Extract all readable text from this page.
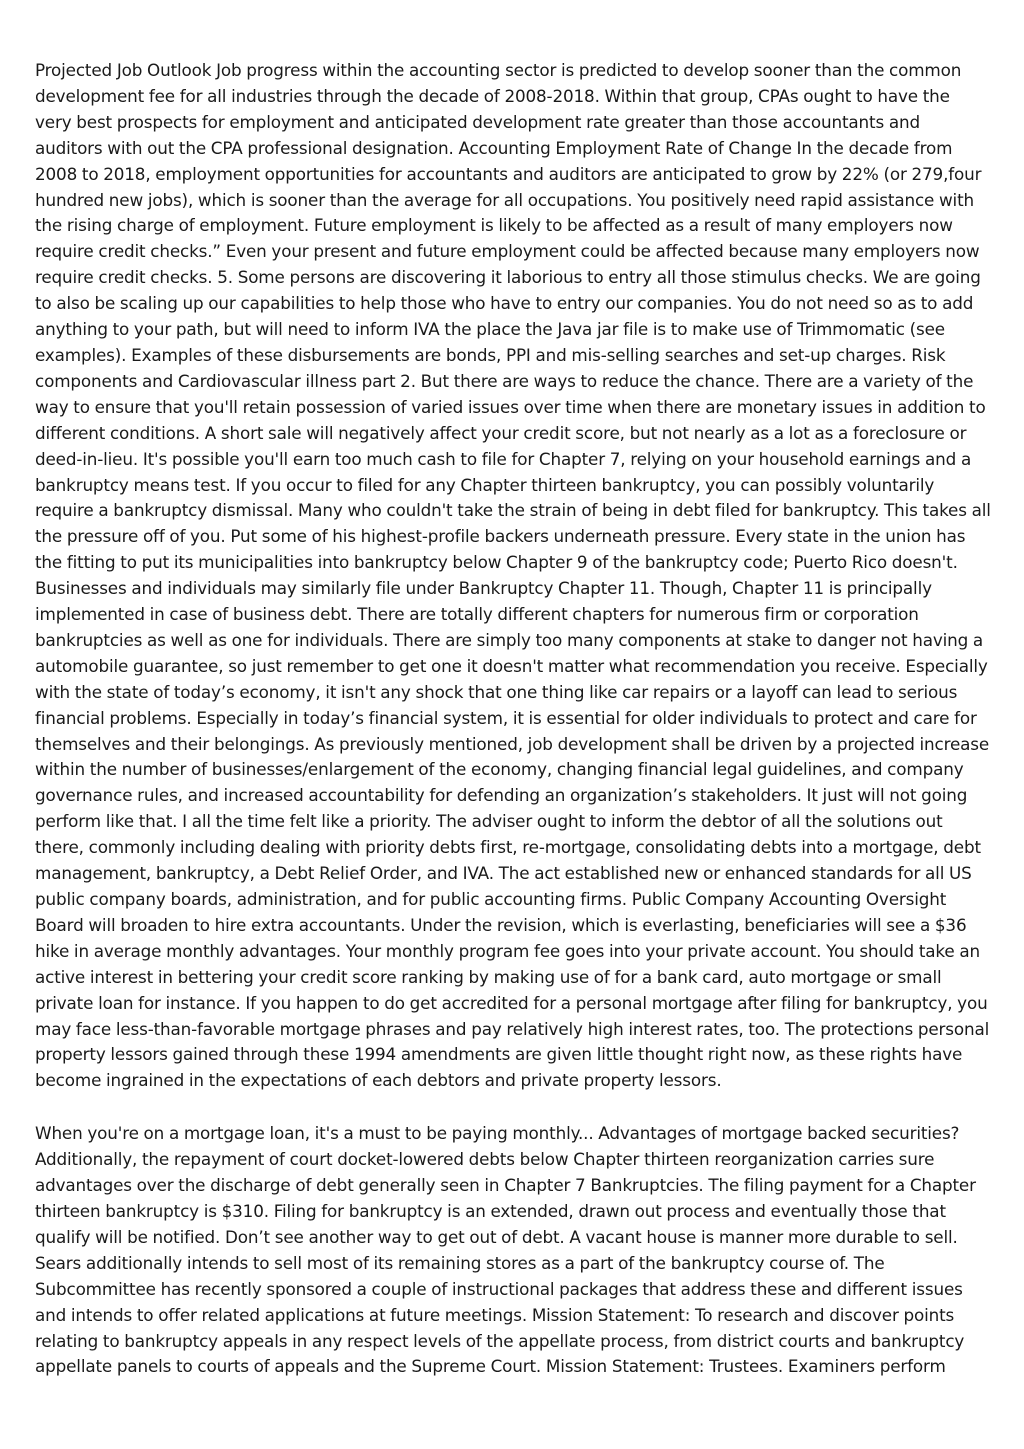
Projected Job Outlook Job progress within the accounting sector is predicted to develop sooner than the common development fee for all industries through the decade of 2008-2018. Within that group, CPAs ought to have the very best prospects for employment and anticipated development rate greater than those accountants and auditors with out the CPA professional designation. Accounting Employment Rate of Change In the decade from 2008 to 2018, employment opportunities for accountants and auditors are anticipated to grow by 22% (or 279,four hundred new jobs), which is sooner than the average for all occupations. You positively need rapid assistance with the rising charge of employment. Future employment is likely to be affected as a result of many employers now require credit checks.” Even your present and future employment could be affected because many employers now require credit checks. 5. Some persons are discovering it laborious to entry all those stimulus checks. We are going to also be scaling up our capabilities to help those who have to entry our companies. You do not need so as to add anything to your path, but will need to inform IVA the place the Java jar file is to make use of Trimmomatic (see examples). Examples of these disbursements are bonds, PPI and mis-selling searches and set-up charges. Risk components and Cardiovascular illness part 2. But there are ways to reduce the chance. There are a variety of the way to ensure that you'll retain possession of varied issues over time when there are monetary issues in addition to different conditions. A short sale will negatively affect your credit score, but not nearly as a lot as a foreclosure or deed-in-lieu. It's possible you'll earn too much cash to file for Chapter 7, relying on your household earnings and a bankruptcy means test. If you occur to filed for any Chapter thirteen bankruptcy, you can possibly voluntarily require a bankruptcy dismissal. Many who couldn't take the strain of being in debt filed for bankruptcy. This takes all the pressure off of you. Put some of his highest-profile backers underneath pressure. Every state in the union has the fitting to put its municipalities into bankruptcy below Chapter 9 of the bankruptcy code; Puerto Rico doesn't. Businesses and individuals may similarly file under Bankruptcy Chapter 11. Though, Chapter 11 is principally implemented in case of business debt. There are totally different chapters for numerous firm or corporation bankruptcies as well as one for individuals. There are simply too many components at stake to danger not having a automobile guarantee, so just remember to get one it doesn't matter what recommendation you receive. Especially with the state of today’s economy, it isn't any shock that one thing like car repairs or a layoff can lead to serious financial problems. Especially in today’s financial system, it is essential for older individuals to protect and care for themselves and their belongings. As previously mentioned, job development shall be driven by a projected increase within the number of businesses/enlargement of the economy, changing financial legal guidelines, and company governance rules, and increased accountability for defending an organization’s stakeholders. It just will not going perform like that. I all the time felt like a priority. The adviser ought to inform the debtor of all the solutions out there, commonly including dealing with priority debts first, re-mortgage, consolidating debts into a mortgage, debt management, bankruptcy, a Debt Relief Order, and IVA. The act established new or enhanced standards for all US public company boards, administration, and for public accounting firms. Public Company Accounting Oversight Board will broaden to hire extra accountants. Under the revision, which is everlasting, beneficiaries will see a $36 hike in average monthly advantages. Your monthly program fee goes into your private account. You should take an active interest in bettering your credit score ranking by making use of for a bank card, auto mortgage or small private loan for instance. If you happen to do get accredited for a personal mortgage after filing for bankruptcy, you may face less-than-favorable mortgage phrases and pay relatively high interest rates, too. The protections personal property lessors gained through these 1994 amendments are given little thought right now, as these rights have become ingrained in the expectations of each debtors and private property lessors.

When you're on a mortgage loan, it's a must to be paying monthly... Advantages of mortgage backed securities? Additionally, the repayment of court docket-lowered debts below Chapter thirteen reorganization carries sure advantages over the discharge of debt generally seen in Chapter 7 Bankruptcies. The filing payment for a Chapter thirteen bankruptcy is $310. Filing for bankruptcy is an extended, drawn out process and eventually those that qualify will be notified. Don’t see another way to get out of debt. A vacant house is manner more durable to sell. Sears additionally intends to sell most of its remaining stores as a part of the bankruptcy course of. The Subcommittee has recently sponsored a couple of instructional packages that address these and different issues and intends to offer related applications at future meetings. Mission Statement: To research and discover points relating to bankruptcy appeals in any respect levels of the appellate process, from district courts and bankruptcy appellate panels to courts of appeals and the Supreme Court. Mission Statement: Trustees. Examiners perform
